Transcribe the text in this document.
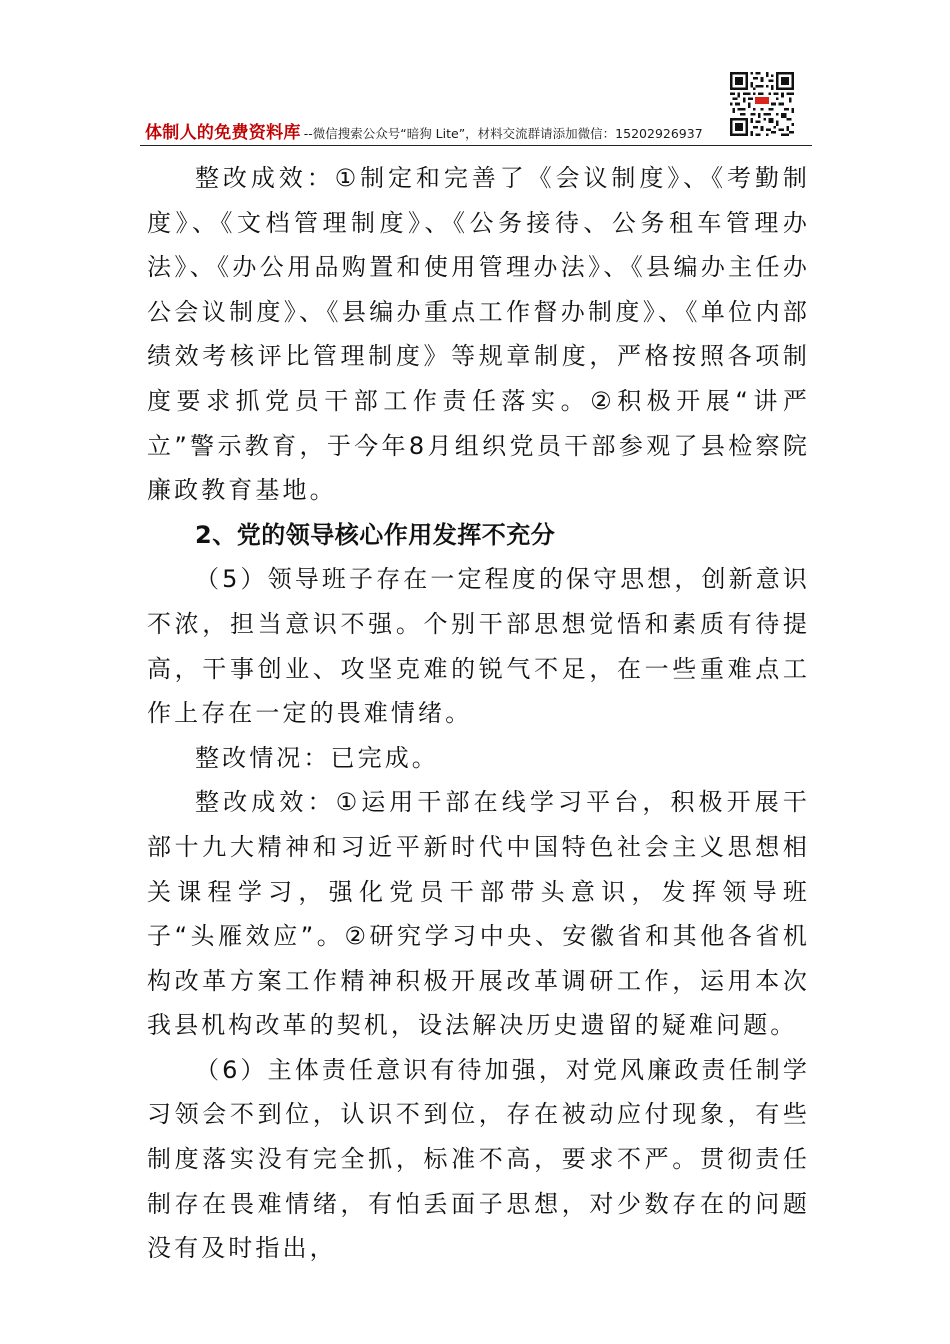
体制人的免费资料库 --微信搜索公众号“暗狗 Lite”，材料交流群请添加微信：15202926937

整改成效：①制定和完善了《会议制度》、《考勤制度》、《文档管理制度》、《公务接待、公务租车管理办法》、《办公用品购置和使用管理办法》、《县编办主任办公会议制度》、《县编办重点工作督办制度》、《单位内部绩效考核评比管理制度》等规章制度，严格按照各项制度要求抓党员干部工作责任落实。②积极开展“讲严立”警示教育，于今年8月组织党员干部参观了县检察院廉政教育基地。

2、党的领导核心作用发挥不充分

（5）领导班子存在一定程度的保守思想，创新意识不浓，担当意识不强。个别干部思想觉悟和素质有待提高，干事创业、攻坚克难的锐气不足，在一些重难点工作上存在一定的畏难情绪。

整改情况：已完成。

整改成效：①运用干部在线学习平台，积极开展干部十九大精神和习近平新时代中国特色社会主义思想相关课程学习，强化党员干部带头意识，发挥领导班子“头雁效应”。②研究学习中央、安徽省和其他各省机构改革方案工作精神积极开展改革调研工作，运用本次我县机构改革的契机，设法解决历史遗留的疑难问题。

（6）主体责任意识有待加强，对党风廉政责任制学习领会不到位，认识不到位，存在被动应付现象，有些制度落实没有完全抓，标准不高，要求不严。贯彻责任制存在畏难情绪，有怕丢面子思想，对少数存在的问题没有及时指出，
